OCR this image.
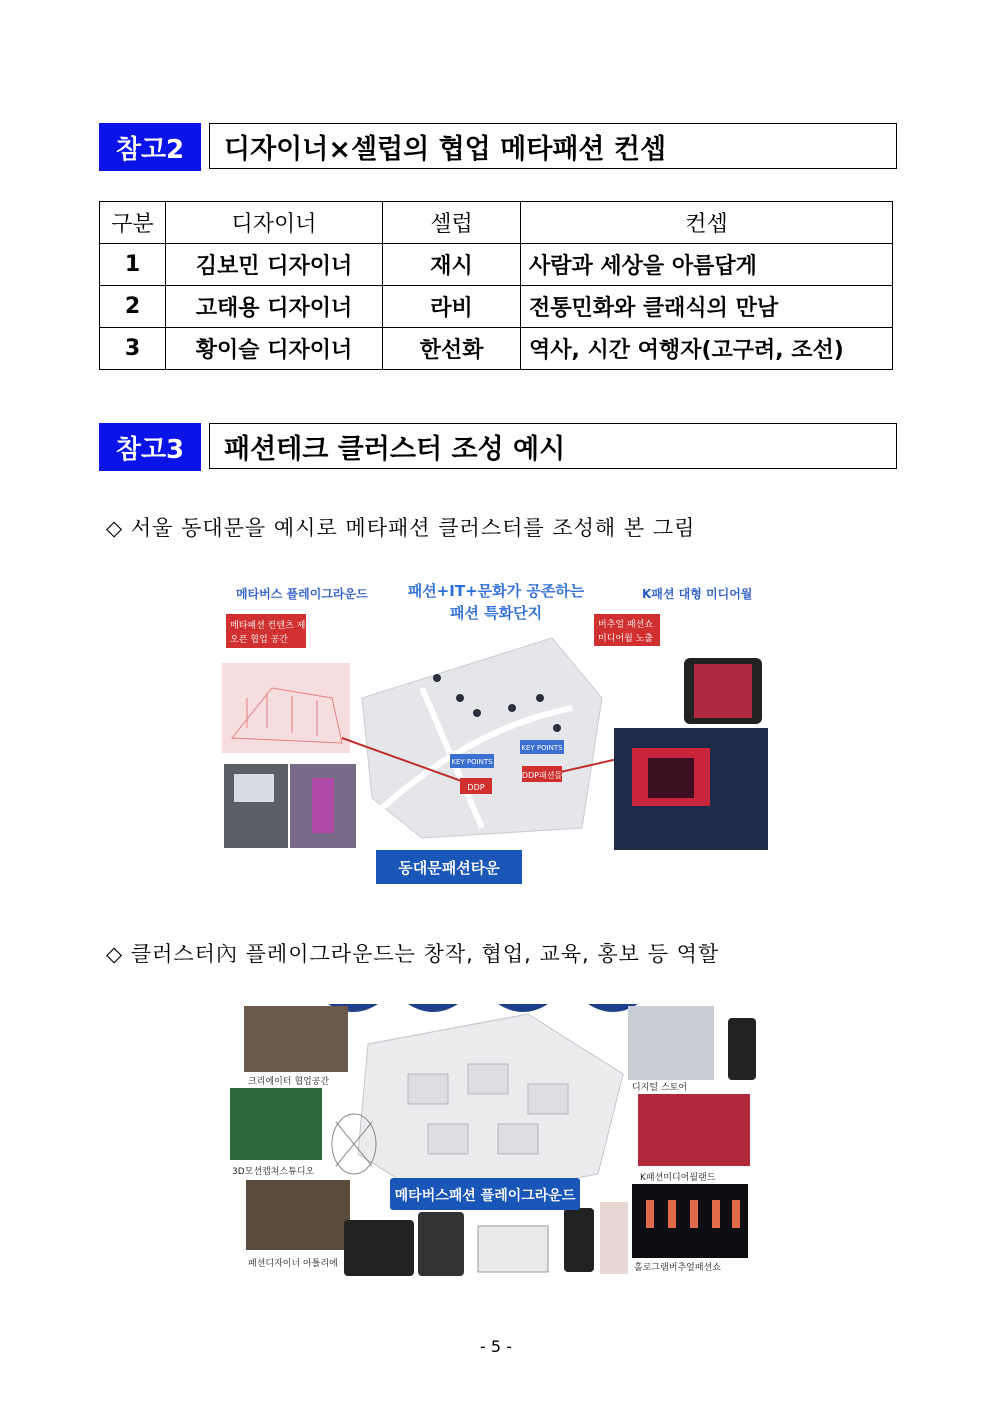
참고2	디자이너×셀럽의 협업 메타패션 컨셉
구분	디자이너	셀럽	컨셉
1	김보민 디자이너	재시	사람과 세상을 아름답게
2	고태용 디자이너	라비	전통민화와 클래식의 만남
3	황이슬 디자이너	한선화	역사, 시간 여행자(고구려, 조선)
참고3	패션테크 클러스터 조성 예시
◇ 서울 동대문을 예시로 메타패션 클러스터를 조성해 본 그림
메타버스 플레이그라운드
메타패션 컨텐츠 제작
오픈 협업 공간
패션+IT+문화가 공존하는
패션 특화단지
K패션 대형 미디어월
버추얼 패션쇼
미디어월 노출
KEY POINTS
KEY POINTS
DDP
DDP패션몰
동대문패션타운
◇ 클러스터內 플레이그라운드는 창작, 협업, 교육, 홍보 등 역할
메타버스패션 플레이그라운드
크리에이터 협업공간
3D모션캡쳐스튜디오
패션디자이너 아틀리에
디지털 스토어
K패션미디어월랜드
홀로그램버추얼패션쇼
- 5 -
